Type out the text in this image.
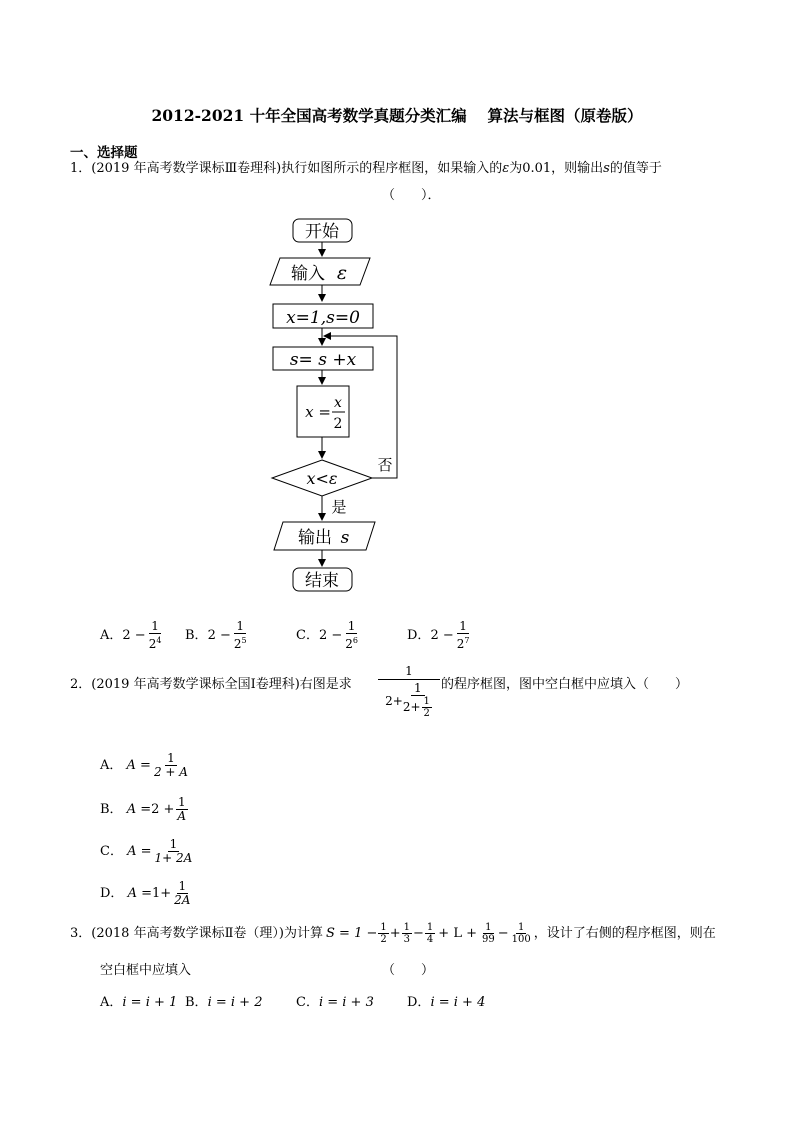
2012-2021 十年全国高考数学真题分类汇编　 算法与框图（原卷版）
一、选择题
1．(2019 年高考数学课标Ⅲ卷理科)执行如图所示的程序框图，如果输入的ε为0.01，则输出s的值等于
（　　）．
开始
输入 ε
x=1,s=0
s= s +x
x = x
2
x<ε
否
是
输出 s
结束
A．$2 - \frac{1}{2^4}$ B．$2 - \frac{1}{2^5}$	C．$2 - \frac{1}{2^6}$	D．$2 - \frac{1}{2^7}$
2．(2019 年高考数学课标全国Ⅰ卷理科)右图是求
1
$2+ \frac{1}{2+ \frac{1}{2}}$ 的程序框图，图中空白框中应填入（　　）
A． $A = \frac{1}{2 + A}$
B． $A =2 + \frac{1}{A}$
C． $A = \frac{1}{1+ 2A}$
D． $A =1+ \frac{1}{2A}$
3． (2018 年高考数学课标Ⅱ卷（理）) 为计算 $S = 1 - \frac{1}{2} + \frac{1}{3} - \frac{1}{4} + L + \frac{1}{99} - \frac{1}{100}$ ，设计了右侧的程序框图，则在
空白框中应填入	（　　）
A．i = i + 1 B．i = i + 2	C．i = i + 3	D．i = i + 4
